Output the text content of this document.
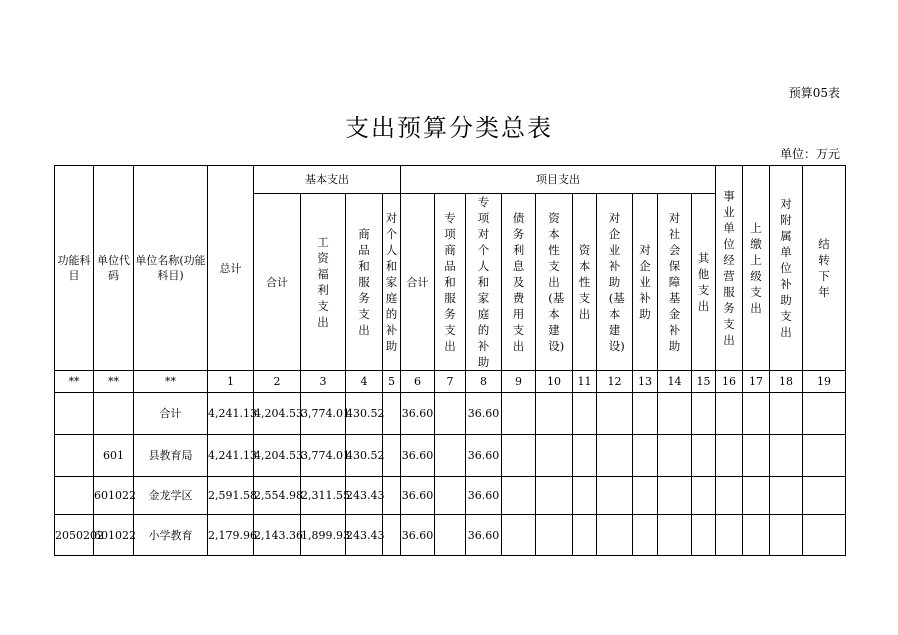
预算05表
支出预算分类总表
单位：万元
功能科目	单位代码	单位名称(功能科目)	总计	基本支出				项目支出										事业单位经营服务支出	上缴上级支出	对附属单位补助支出	结转下年
				合计	工资福利支出	商品和服务支出	对个人和家庭的补助	合计	专项商品和服务支出	专项对个人和家庭的补助	债务利息及费用支出	资本性支出(基本建设)	资本性支出	对企业补助(基本建设)	对企业补助	对社会保障基金补助	其他支出				
**	**	**	1	2	3	4	5	6	7	8	9	10	11	12	13	14	15	16	17	18	19
		合计	4,241.13	4,204.53	3,774.01	430.52		36.60		36.60											
	601	县教育局	4,241.13	4,204.53	3,774.01	430.52		36.60		36.60											
	601022	金龙学区	2,591.58	2,554.98	2,311.55	243.43		36.60		36.60											
2050202	601022	小学教育	2,179.96	2,143.36	1,899.93	243.43		36.60		36.60											
